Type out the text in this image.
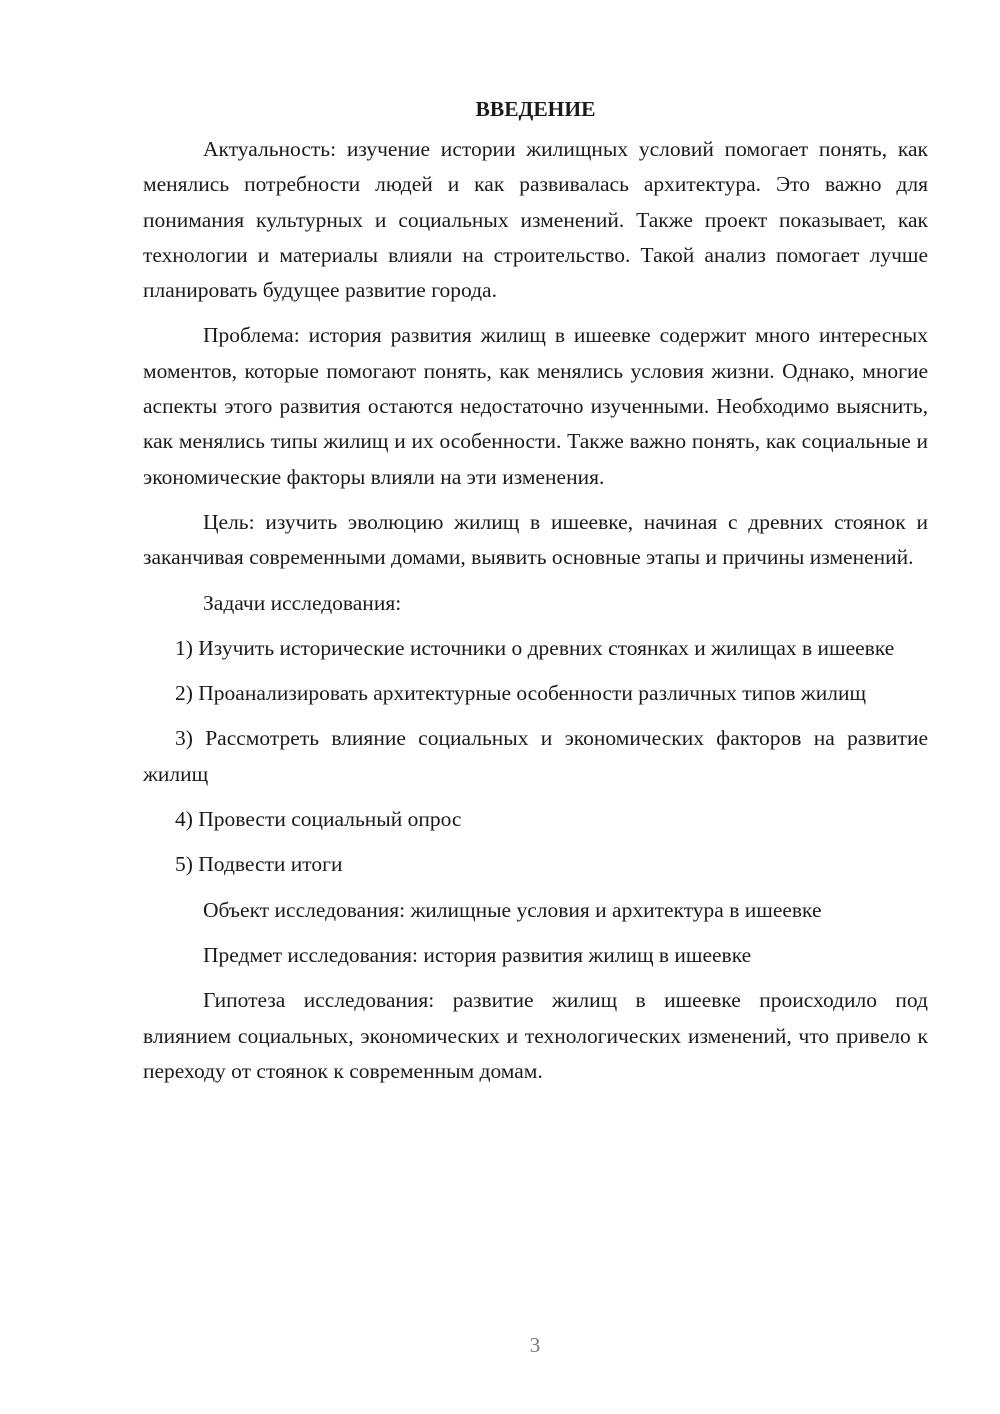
ВВЕДЕНИЕ

Актуальность: изучение истории жилищных условий помогает понять, как менялись потребности людей и как развивалась архитектура. Это важно для понимания культурных и социальных изменений. Также проект показывает, как технологии и материалы влияли на строительство. Такой анализ помогает лучше планировать будущее развитие города.

Проблема: история развития жилищ в ишеевке содержит много интересных моментов, которые помогают понять, как менялись условия жизни. Однако, многие аспекты этого развития остаются недостаточно изученными. Необходимо выяснить, как менялись типы жилищ и их особенности. Также важно понять, как социальные и экономические факторы влияли на эти изменения.

Цель: изучить эволюцию жилищ в ишеевке, начиная с древних стоянок и заканчивая современными домами, выявить основные этапы и причины изменений.

Задачи исследования:

1) Изучить исторические источники о древних стоянках и жилищах в ишеевке

2) Проанализировать архитектурные особенности различных типов жилищ

3) Рассмотреть влияние социальных и экономических факторов на развитие жилищ

4) Провести социальный опрос

5) Подвести итоги

Объект исследования: жилищные условия и архитектура в ишеевке

Предмет исследования: история развития жилищ в ишеевке

Гипотеза исследования: развитие жилищ в ишеевке происходило под влиянием социальных, экономических и технологических изменений, что привело к переходу от стоянок к современным домам.

3
